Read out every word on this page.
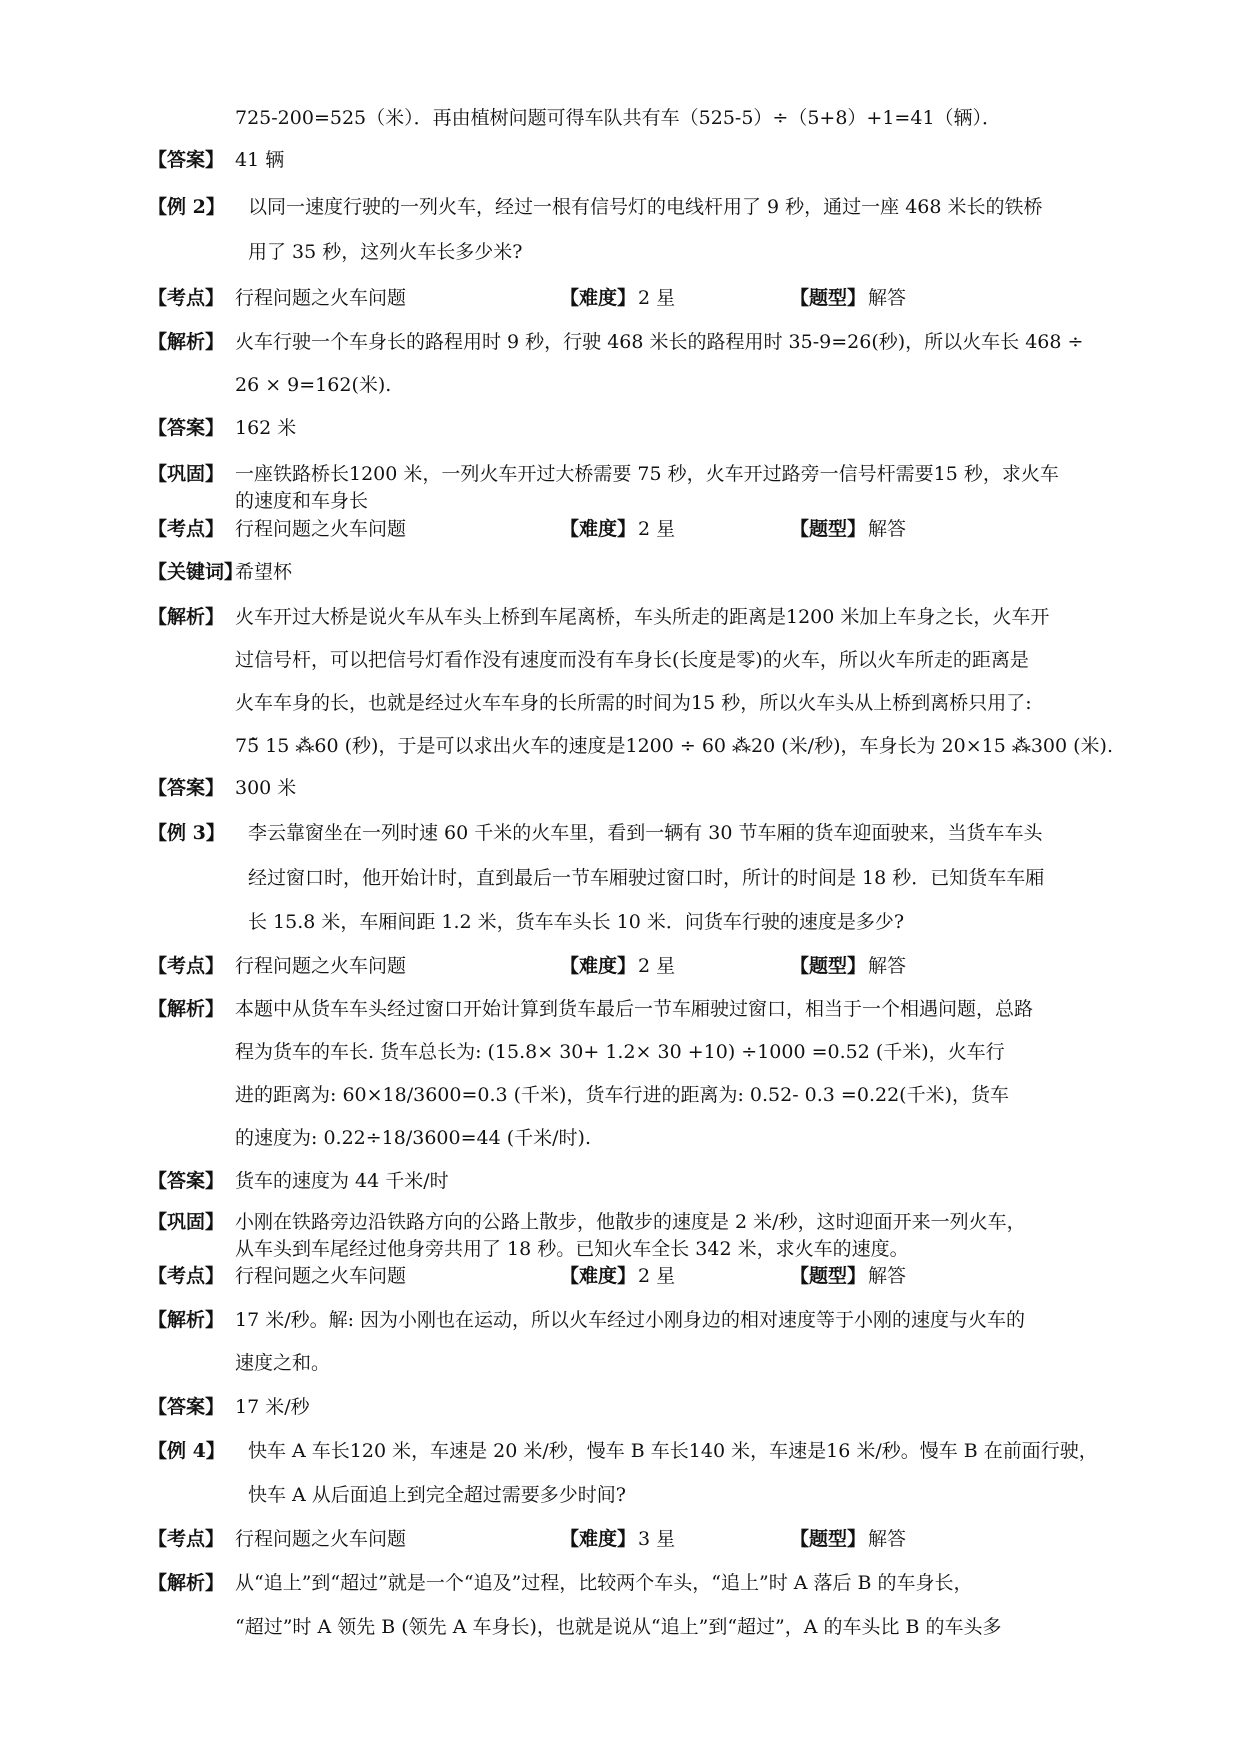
725-200=525（米）．再由植树问题可得车队共有车（525-5）÷（5+8）+1=41（辆）．
【答案】 41 辆
【例 2】 以同一速度行驶的一列火车，经过一根有信号灯的电线杆用了 9 秒，通过一座 468 米长的铁桥
用了 35 秒，这列火车长多少米?
【考点】 行程问题之火车问题	【难度】 2 星	【题型】 解答
【解析】 火车行驶一个车身长的路程用时 9 秒，行驶 468 米长的路程用时 35-9=26(秒)，所以火车长 468 ÷
26 × 9=162(米).
【答案】 162 米
【巩固】 一座铁路桥长1200 米，一列火车开过大桥需要 75 秒，火车开过路旁一信号杆需要15 秒，求火车
的速度和车身长
【考点】 行程问题之火车问题	【难度】 2 星	【题型】 解答
【关键词】
希望杯
【解析】 火车开过大桥是说火车从车头上桥到车尾离桥，车头所走的距离是1200 米加上车身之长，火车开
过信号杆，可以把信号灯看作没有速度而没有车身长(长度是零)的火车，所以火车所走的距离是
火车车身的长，也就是经过火车车身的长所需的时间为15 秒，所以火车头从上桥到离桥只用了:
75̃ 15 ⁂60 (秒)，于是可以求出火车的速度是1200 ÷ 60 ⁂20 (米/秒)，车身长为 20×15 ⁂300 (米).
【答案】 300 米
【例 3】 李云靠窗坐在一列时速 60 千米的火车里，看到一辆有 30 节车厢的货车迎面驶来，当货车车头
经过窗口时，他开始计时，直到最后一节车厢驶过窗口时，所计的时间是 18 秒．已知货车车厢
长 15.8 米，车厢间距 1.2 米，货车车头长 10 米．问货车行驶的速度是多少?
【考点】 行程问题之火车问题	【难度】 2 星	【题型】 解答
【解析】 本题中从货车车头经过窗口开始计算到货车最后一节车厢驶过窗口，相当于一个相遇问题，总路
程为货车的车长. 货车总长为: (15.8× 30+ 1.2× 30 +10) ÷1000 =0.52 (千米)，火车行
进的距离为: 60×18/3600=0.3 (千米)，货车行进的距离为: 0.52- 0.3 =0.22(千米)，货车
的速度为: 0.22÷18/3600=44 (千米/时).
【答案】 货车的速度为 44 千米/时
【巩固】 小刚在铁路旁边沿铁路方向的公路上散步，他散步的速度是 2 米/秒，这时迎面开来一列火车，
从车头到车尾经过他身旁共用了 18 秒。已知火车全长 342 米，求火车的速度。
【考点】 行程问题之火车问题	【难度】 2 星	【题型】 解答
【解析】 17 米/秒。解: 因为小刚也在运动，所以火车经过小刚身边的相对速度等于小刚的速度与火车的
速度之和。
【答案】 17 米/秒
【例 4】 快车 A 车长120 米，车速是 20 米/秒，慢车 B 车长140 米，车速是16 米/秒。慢车 B 在前面行驶，
快车 A 从后面追上到完全超过需要多少时间?
【考点】 行程问题之火车问题	【难度】 3 星	【题型】 解答
【解析】 从“追上”到“超过”就是一个“追及”过程，比较两个车头，“追上”时 A 落后 B 的车身长，
“超过”时 A 领先 B (领先 A 车身长)，也就是说从“追上”到“超过”，A 的车头比 B 的车头多
